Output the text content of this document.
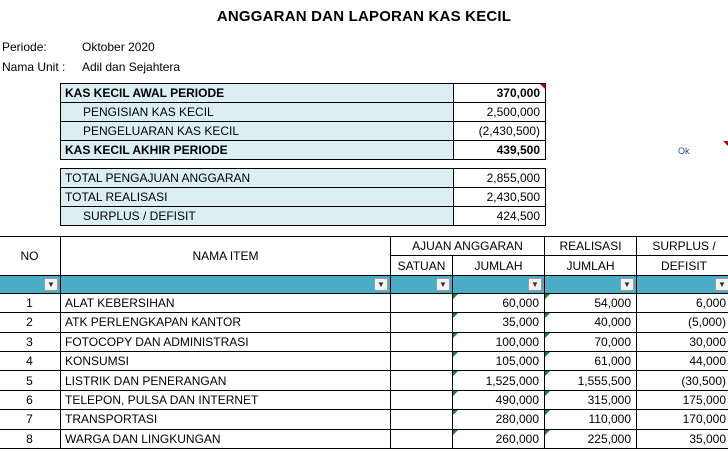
ANGGARAN DAN LAPORAN KAS KECIL
Periode:	Oktober 2020
Nama Unit : Adil dan Sejahtera
KAS KECIL AWAL PERIODE	370,000
PENGISIAN KAS KECIL	2,500,000
PENGELUARAN KAS KECIL	(2,430,500)
KAS KECIL AKHIR PERIODE	439,500	Ok
TOTAL PENGAJUAN ANGGARAN	2,855,000
TOTAL REALISASI	2,430,500
SURPLUS / DEFISIT	424,500
NO	NAMA ITEM	AJUAN ANGGARAN		REALISASI	SURPLUS /
		SATUAN	JUMLAH	JUMLAH	DEFISIT

▼	▼	▼	▼	▼	▼

1	ALAT KEBERSIHAN		60,000	54,000	6,000
2	ATK PERLENGKAPAN KANTOR		35,000	40,000	(5,000)
3	FOTOCOPY DAN ADMINISTRASI		100,000	70,000	30,000
4	KONSUMSI		105,000	61,000	44,000
5	LISTRIK DAN PENERANGAN		1,525,000	1,555,500	(30,500)
6	TELEPON, PULSA DAN INTERNET		490,000	315,000	175,000
7	TRANSPORTASI		280,000	110,000	170,000
8	WARGA DAN LINGKUNGAN		260,000	225,000	35,000
